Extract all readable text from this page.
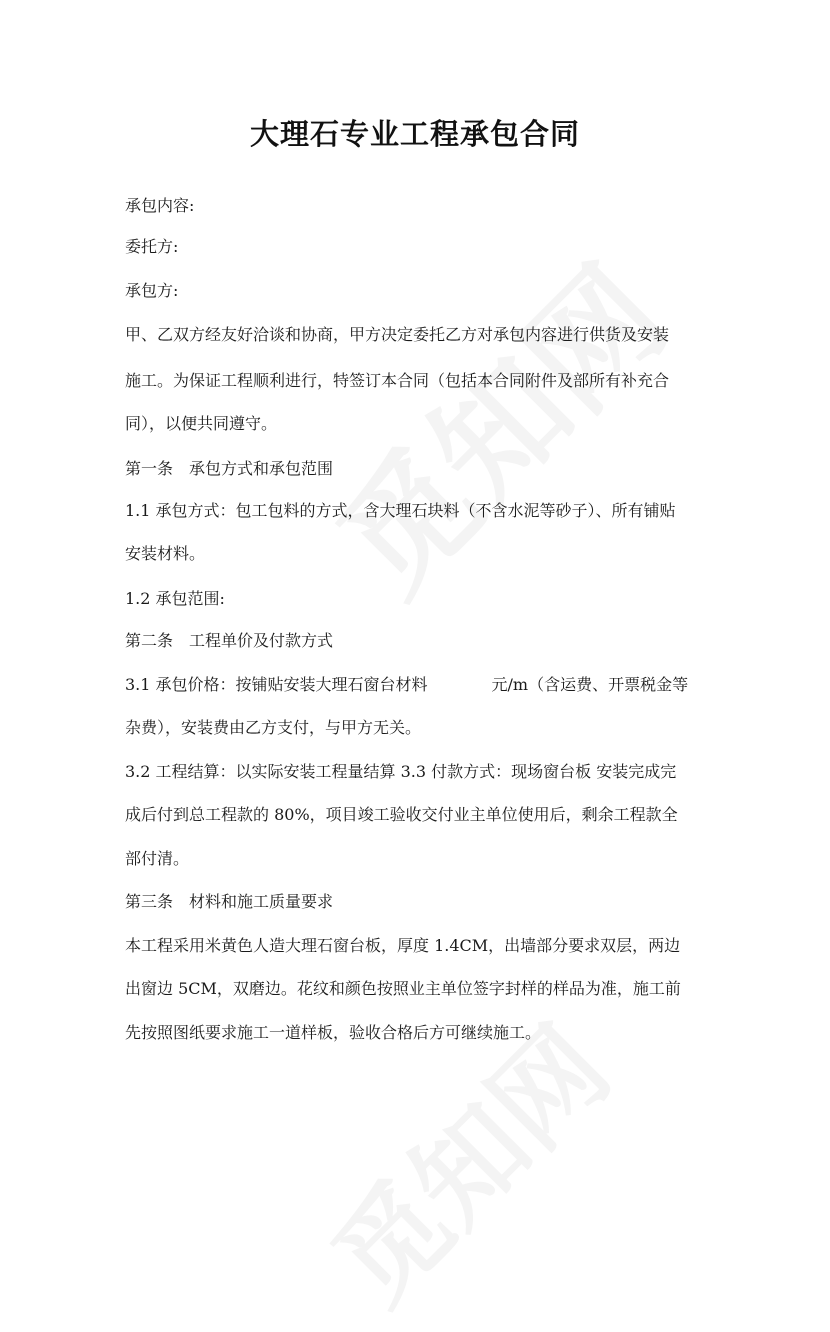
大理石专业工程承包合同
承包内容:
委托方:
承包方:
甲、乙双方经友好洽谈和协商，甲方决定委托乙方对承包内容进行供货及安装
施工。为保证工程顺利进行，特签订本合同（包括本合同附件及部所有补充合
同），以便共同遵守。
第一条　承包方式和承包范围
1.1 承包方式：包工包料的方式，含大理石块料（不含水泥等砂子）、所有铺贴
安装材料。
1.2 承包范围:
第二条　工程单价及付款方式
3.1 承包价格：按铺贴安装大理石窗台材料　　　　元/m（含运费、开票税金等
杂费），安装费由乙方支付，与甲方无关。
3.2 工程结算：以实际安装工程量结算 3.3 付款方式：现场窗台板 安装完成完
成后付到总工程款的 80%，项目竣工验收交付业主单位使用后，剩余工程款全
部付清。
第三条　材料和施工质量要求
本工程采用米黄色人造大理石窗台板，厚度 1.4CM，出墙部分要求双层，两边
出窗边 5CM，双磨边。花纹和颜色按照业主单位签字封样的样品为准，施工前
先按照图纸要求施工一道样板，验收合格后方可继续施工。
